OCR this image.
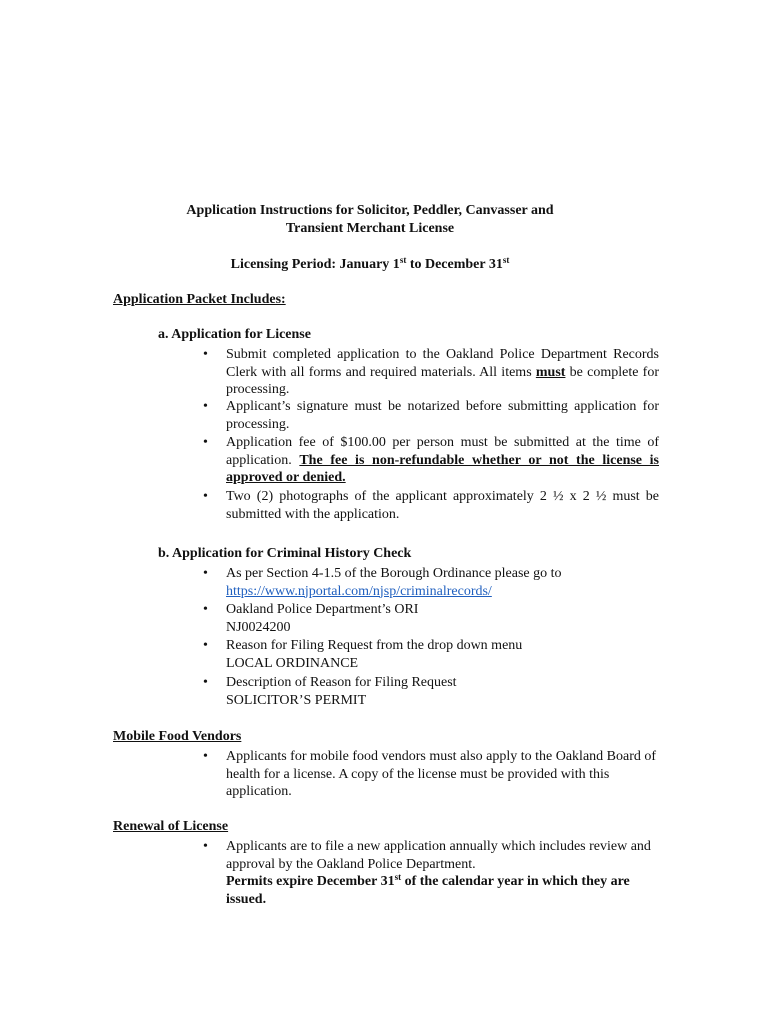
Application Instructions for Solicitor, Peddler, Canvasser and
Transient Merchant License
Licensing Period: January 1st to December 31st
Application Packet Includes:
a. Application for License
• Submit completed application to the Oakland Police Department Records Clerk with all forms and required materials. All items must be complete for processing.
• Applicant’s signature must be notarized before submitting application for processing.
• Application fee of $100.00 per person must be submitted at the time of application. The fee is non-refundable whether or not the license is approved or denied.
• Two (2) photographs of the applicant approximately 2 ½ x 2 ½ must be submitted with the application.
b. Application for Criminal History Check
• As per Section 4-1.5 of the Borough Ordinance please go to
https://www.njportal.com/njsp/criminalrecords/
• Oakland Police Department’s ORI
NJ0024200
• Reason for Filing Request from the drop down menu
LOCAL ORDINANCE
• Description of Reason for Filing Request
SOLICITOR’S PERMIT
Mobile Food Vendors
• Applicants for mobile food vendors must also apply to the Oakland Board of health for a license. A copy of the license must be provided with this application.
Renewal of License
• Applicants are to file a new application annually which includes review and approval by the Oakland Police Department.
Permits expire December 31st of the calendar year in which they are issued.
